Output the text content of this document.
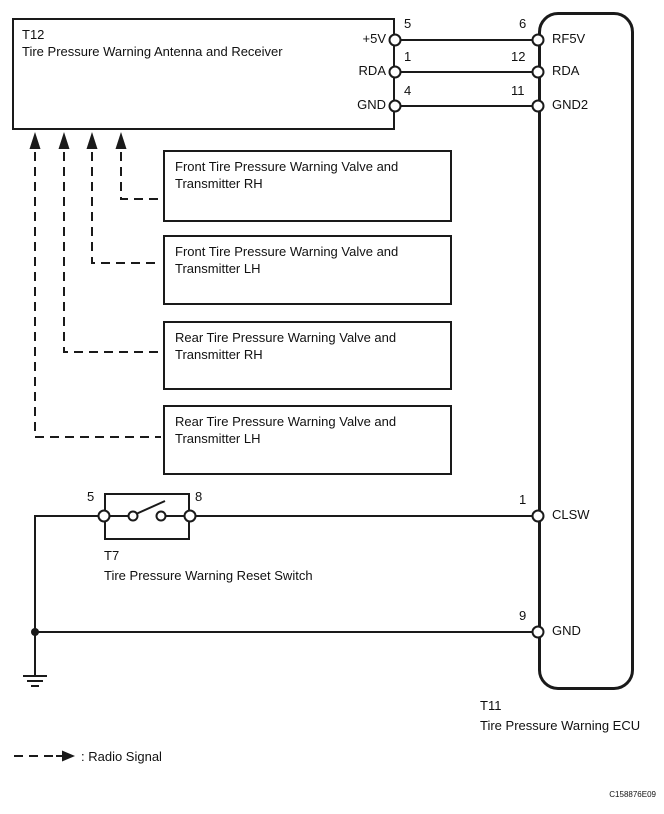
T12
Tire Pressure Warning Antenna and Receiver
+5V
RDA
GND
RF5V
RDA
GND2
CLSW
GND
Front Tire Pressure Warning Valve and
Transmitter RH
Front Tire Pressure Warning Valve and
Transmitter LH
Rear Tire Pressure Warning Valve and
Transmitter RH
Rear Tire Pressure Warning Valve and
Transmitter LH
5
1
4
6
12
11
1
9
5	8
T7
Tire Pressure Warning Reset Switch
T11
Tire Pressure Warning ECU
: Radio Signal
C158876E09
